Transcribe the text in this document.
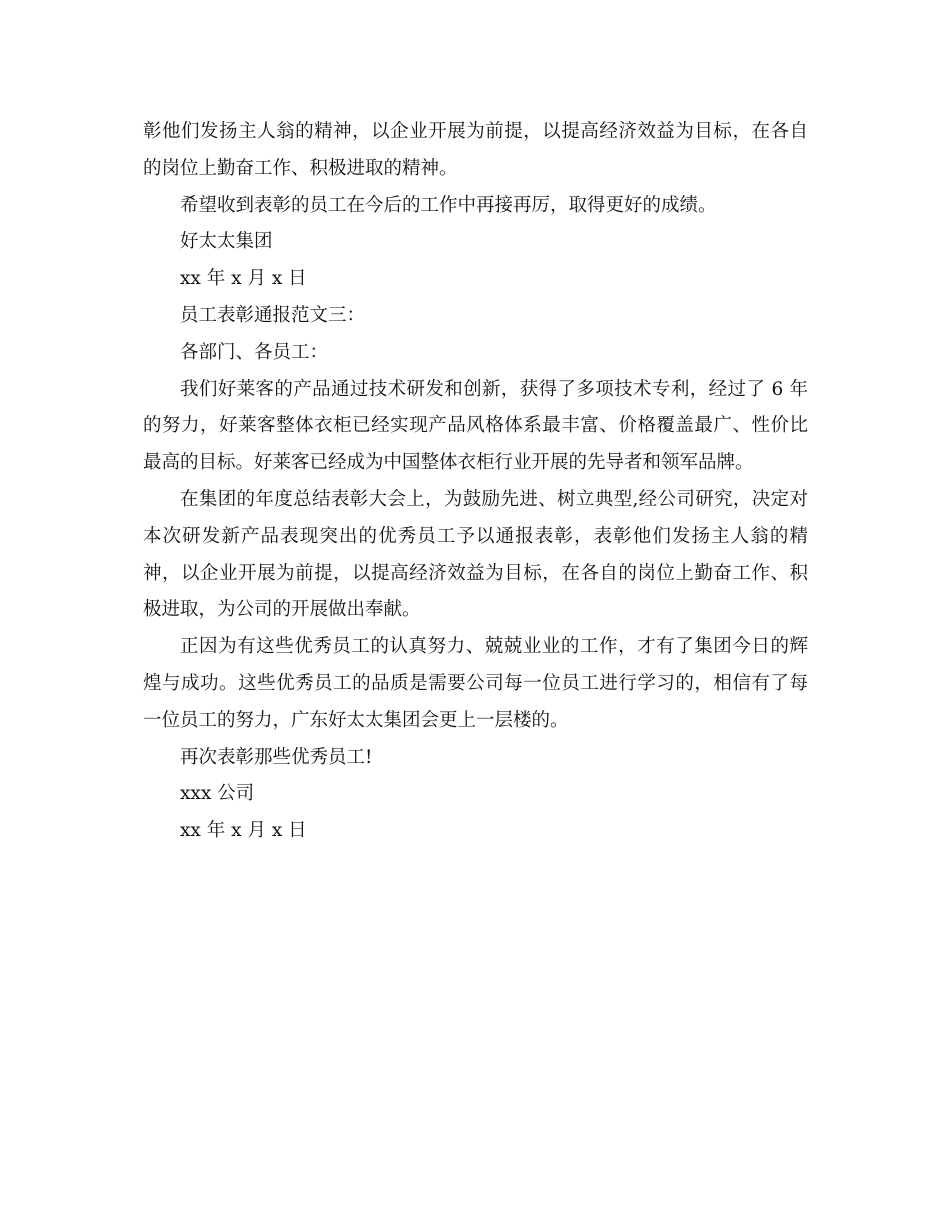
彰他们发扬主人翁的精神，以企业开展为前提，以提高经济效益为目标，在各自的岗位上勤奋工作、积极进取的精神。

希望收到表彰的员工在今后的工作中再接再厉，取得更好的成绩。

好太太集团

xx 年 x 月 x 日

员工表彰通报范文三：

各部门、各员工：

我们好莱客的产品通过技术研发和创新，获得了多项技术专利，经过了 6 年的努力，好莱客整体衣柜已经实现产品风格体系最丰富、价格覆盖最广、性价比最高的目标。好莱客已经成为中国整体衣柜行业开展的先导者和领军品牌。

在集团的年度总结表彰大会上，为鼓励先进、树立典型,经公司研究，决定对本次研发新产品表现突出的优秀员工予以通报表彰，表彰他们发扬主人翁的精神，以企业开展为前提，以提高经济效益为目标，在各自的岗位上勤奋工作、积极进取，为公司的开展做出奉献。

正因为有这些优秀员工的认真努力、兢兢业业的工作，才有了集团今日的辉煌与成功。这些优秀员工的品质是需要公司每一位员工进行学习的，相信有了每一位员工的努力，广东好太太集团会更上一层楼的。

再次表彰那些优秀员工!

xxx 公司

xx 年 x 月 x 日
